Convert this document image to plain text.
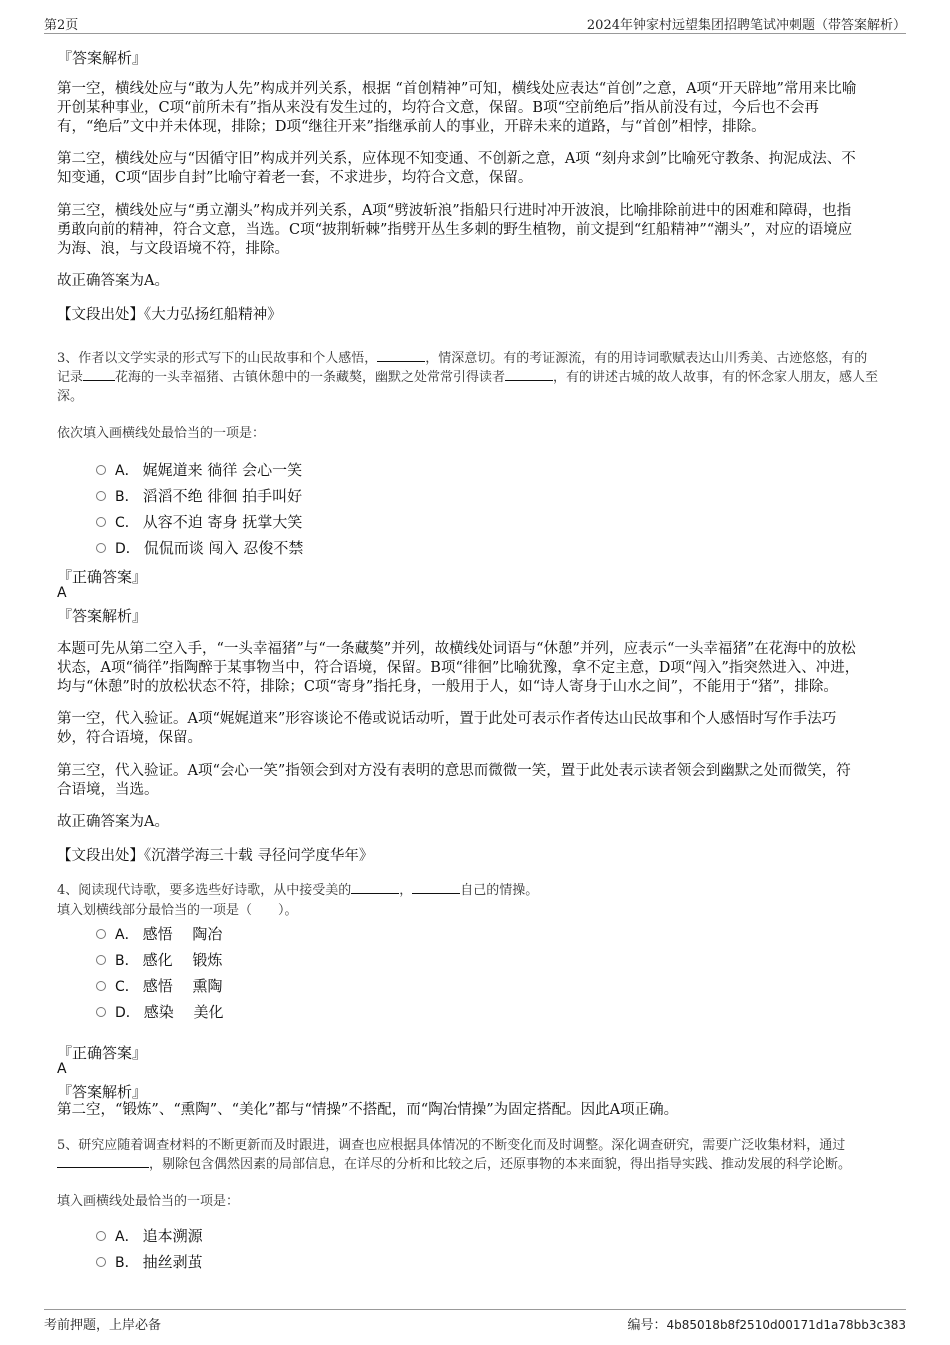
第2页	2024年钟家村远望集团招聘笔试冲刺题（带答案解析）
『答案解析』
第一空，横线处应与“敢为人先”构成并列关系，根据 “首创精神”可知，横线处应表达“首创”之意，A项“开天辟地”常用来比喻
开创某种事业，C项“前所未有”指从来没有发生过的，均符合文意，保留。B项“空前绝后”指从前没有过，今后也不会再
有，“绝后”文中并未体现，排除；D项“继往开来”指继承前人的事业，开辟未来的道路，与“首创”相悖，排除。
第二空，横线处应与“因循守旧”构成并列关系，应体现不知变通、不创新之意，A项 “刻舟求剑”比喻死守教条、拘泥成法、不
知变通，C项“固步自封”比喻守着老一套，不求进步，均符合文意，保留。
第三空，横线处应与“勇立潮头”构成并列关系，A项“劈波斩浪”指船只行进时冲开波浪，比喻排除前进中的困难和障碍，也指
勇敢向前的精神，符合文意，当选。C项“披荆斩棘”指劈开丛生多刺的野生植物，前文提到“红船精神”“潮头”，对应的语境应
为海、浪，与文段语境不符，排除。
故正确答案为A。
【文段出处】《大力弘扬红船精神》
3、作者以文学实录的形式写下的山民故事和个人感悟，	，情深意切。有的考证源流，有的用诗词歌赋表达山川秀美、古迹悠悠，有的
记录 花海的一头幸福猪、古镇休憩中的一条藏獒，幽默之处常常引得读者	，有的讲述古城的故人故事，有的怀念家人朋友，感人至
深。
依次填入画横线处最恰当的一项是：
A． 娓娓道来 徜徉 会心一笑
B． 滔滔不绝 徘徊 拍手叫好
C． 从容不迫 寄身 抚掌大笑
D． 侃侃而谈 闯入 忍俊不禁
『正确答案』
A
『答案解析』
本题可先从第二空入手，“一头幸福猪”与“一条藏獒”并列，故横线处词语与“休憩”并列，应表示“一头幸福猪”在花海中的放松
状态，A项“徜徉”指陶醉于某事物当中，符合语境，保留。B项“徘徊”比喻犹豫，拿不定主意，D项“闯入”指突然进入、冲进，
均与“休憩”时的放松状态不符，排除；C项“寄身”指托身，一般用于人，如“诗人寄身于山水之间”，不能用于“猪”，排除。
第一空，代入验证。A项“娓娓道来”形容谈论不倦或说话动听，置于此处可表示作者传达山民故事和个人感悟时写作手法巧
妙，符合语境，保留。
第三空，代入验证。A项“会心一笑”指领会到对方没有表明的意思而微微一笑，置于此处表示读者领会到幽默之处而微笑，符
合语境，当选。
故正确答案为A。
【文段出处】《沉潜学海三十载 寻径问学度华年》
4、阅读现代诗歌，要多选些好诗歌，从中接受美的	，	自己的情操。
填入划横线部分最恰当的一项是（　　）。
A． 感悟　 陶冶
B． 感化　 锻炼
C． 感悟　 熏陶
D． 感染　 美化
『正确答案』
A
『答案解析』
第二空，“锻炼”、“熏陶”、“美化”都与“情操”不搭配，而“陶冶情操”为固定搭配。因此A项正确。
5、研究应随着调查材料的不断更新而及时跟进，调查也应根据具体情况的不断变化而及时调整。深化调查研究，需要广泛收集材料，通过
，剔除包含偶然因素的局部信息，在详尽的分析和比较之后，还原事物的本来面貌，得出指导实践、推动发展的科学论断。
填入画横线处最恰当的一项是：
A． 追本溯源
B． 抽丝剥茧
考前押题，上岸必备	编号：4b85018b8f2510d00171d1a78bb3c383
